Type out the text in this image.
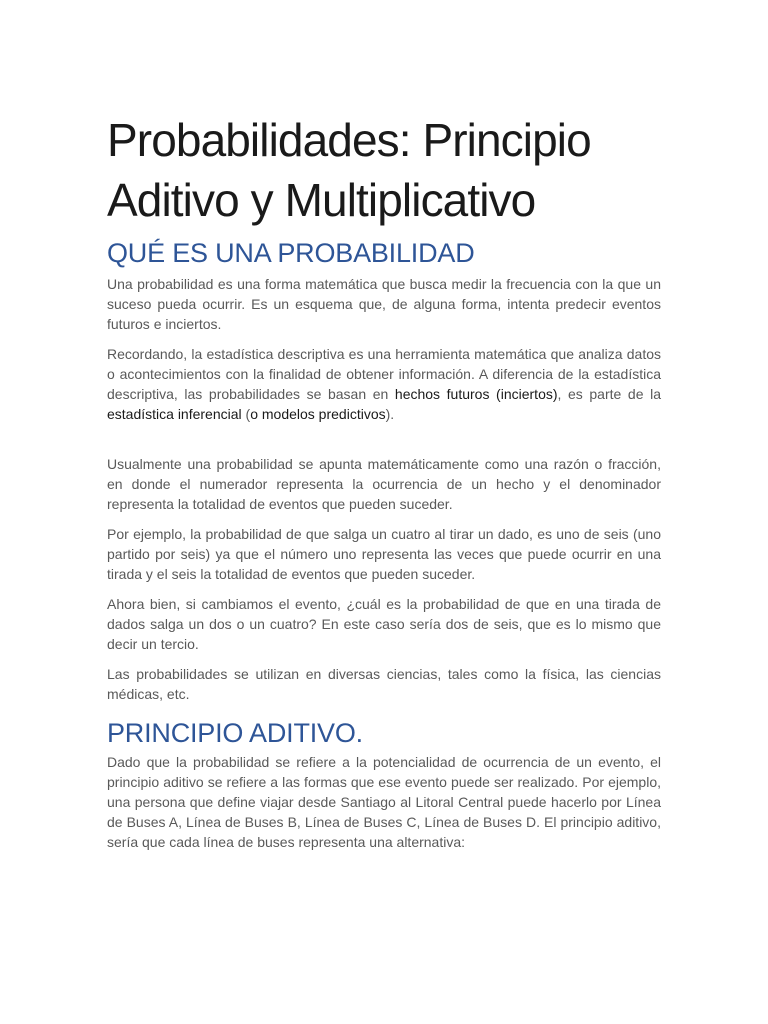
Probabilidades: Principio Aditivo y Multiplicativo
QUÉ ES UNA PROBABILIDAD

Una probabilidad es una forma matemática que busca medir la frecuencia con la que un suceso pueda ocurrir. Es un esquema que, de alguna forma, intenta predecir eventos futuros e inciertos.

Recordando, la estadística descriptiva es una herramienta matemática que analiza datos o acontecimientos con la finalidad de obtener información. A diferencia de la estadística descriptiva, las probabilidades se basan en hechos futuros (inciertos), es parte de la estadística inferencial (o modelos predictivos).

Usualmente una probabilidad se apunta matemáticamente como una razón o fracción, en donde el numerador representa la ocurrencia de un hecho y el denominador representa la totalidad de eventos que pueden suceder.

Por ejemplo, la probabilidad de que salga un cuatro al tirar un dado, es uno de seis (uno partido por seis) ya que el número uno representa las veces que puede ocurrir en una tirada y el seis la totalidad de eventos que pueden suceder.

Ahora bien, si cambiamos el evento, ¿cuál es la probabilidad de que en una tirada de dados salga un dos o un cuatro? En este caso sería dos de seis, que es lo mismo que decir un tercio.

Las probabilidades se utilizan en diversas ciencias, tales como la física, las ciencias médicas, etc.

PRINCIPIO ADITIVO.

Dado que la probabilidad se refiere a la potencialidad de ocurrencia de un evento, el principio aditivo se refiere a las formas que ese evento puede ser realizado. Por ejemplo, una persona que define viajar desde Santiago al Litoral Central puede hacerlo por Línea de Buses A, Línea de Buses B, Línea de Buses C, Línea de Buses D. El principio aditivo, sería que cada línea de buses representa una alternativa:
